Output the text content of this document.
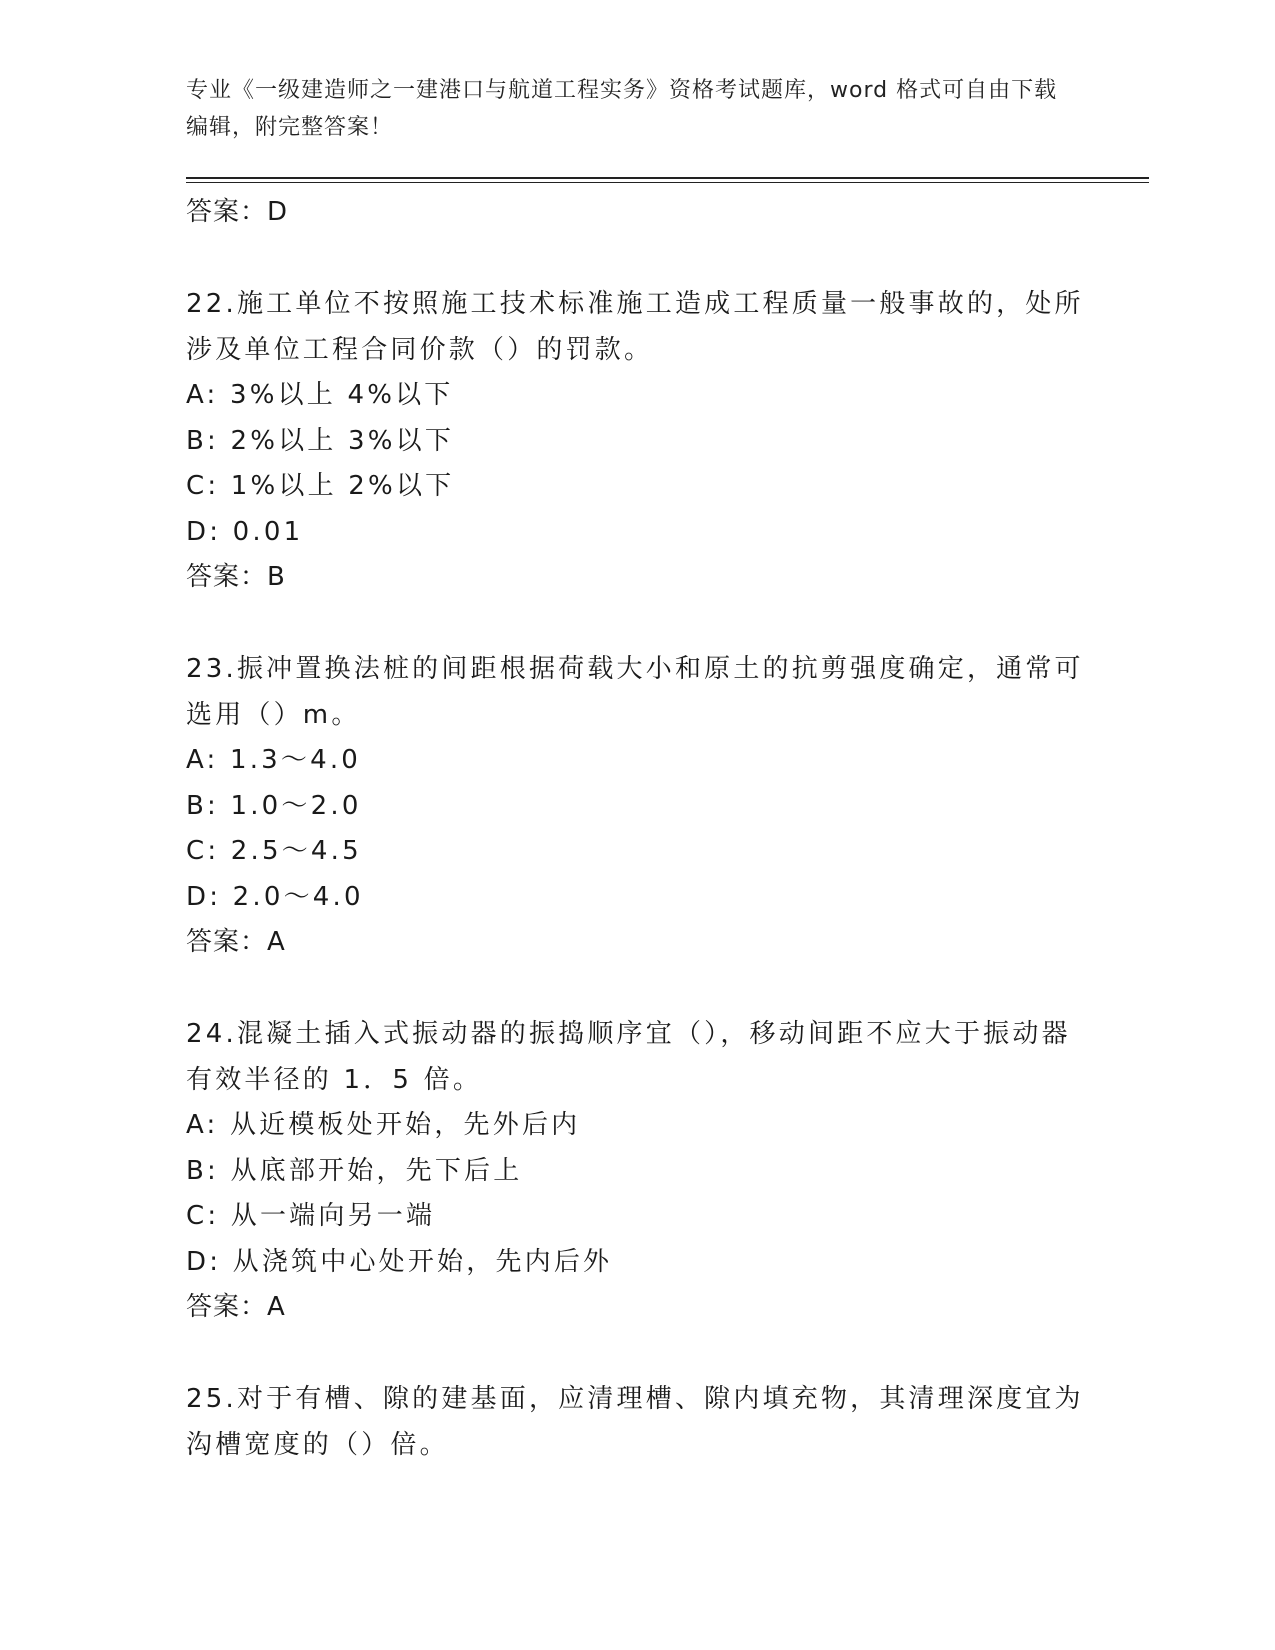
专业《一级建造师之一建港口与航道工程实务》资格考试题库，word 格式可自由下载编辑，附完整答案！
答案：D
22.施工单位不按照施工技术标准施工造成工程质量一般事故的，处所涉及单位工程合同价款（）的罚款。
A: 3%以上 4%以下
B: 2%以上 3%以下
C: 1%以上 2%以下
D: 0.01
答案：B
23.振冲置换法桩的间距根据荷载大小和原土的抗剪强度确定，通常可选用（）m。
A: 1.3～4.0
B: 1.0～2.0
C: 2.5～4.5
D: 2.0～4.0
答案：A
24.混凝土插入式振动器的振捣顺序宜（），移动间距不应大于振动器有效半径的 1．5 倍。
A: 从近模板处开始，先外后内
B: 从底部开始，先下后上
C: 从一端向另一端
D: 从浇筑中心处开始，先内后外
答案：A
25.对于有槽、隙的建基面，应清理槽、隙内填充物，其清理深度宜为沟槽宽度的（）倍。
